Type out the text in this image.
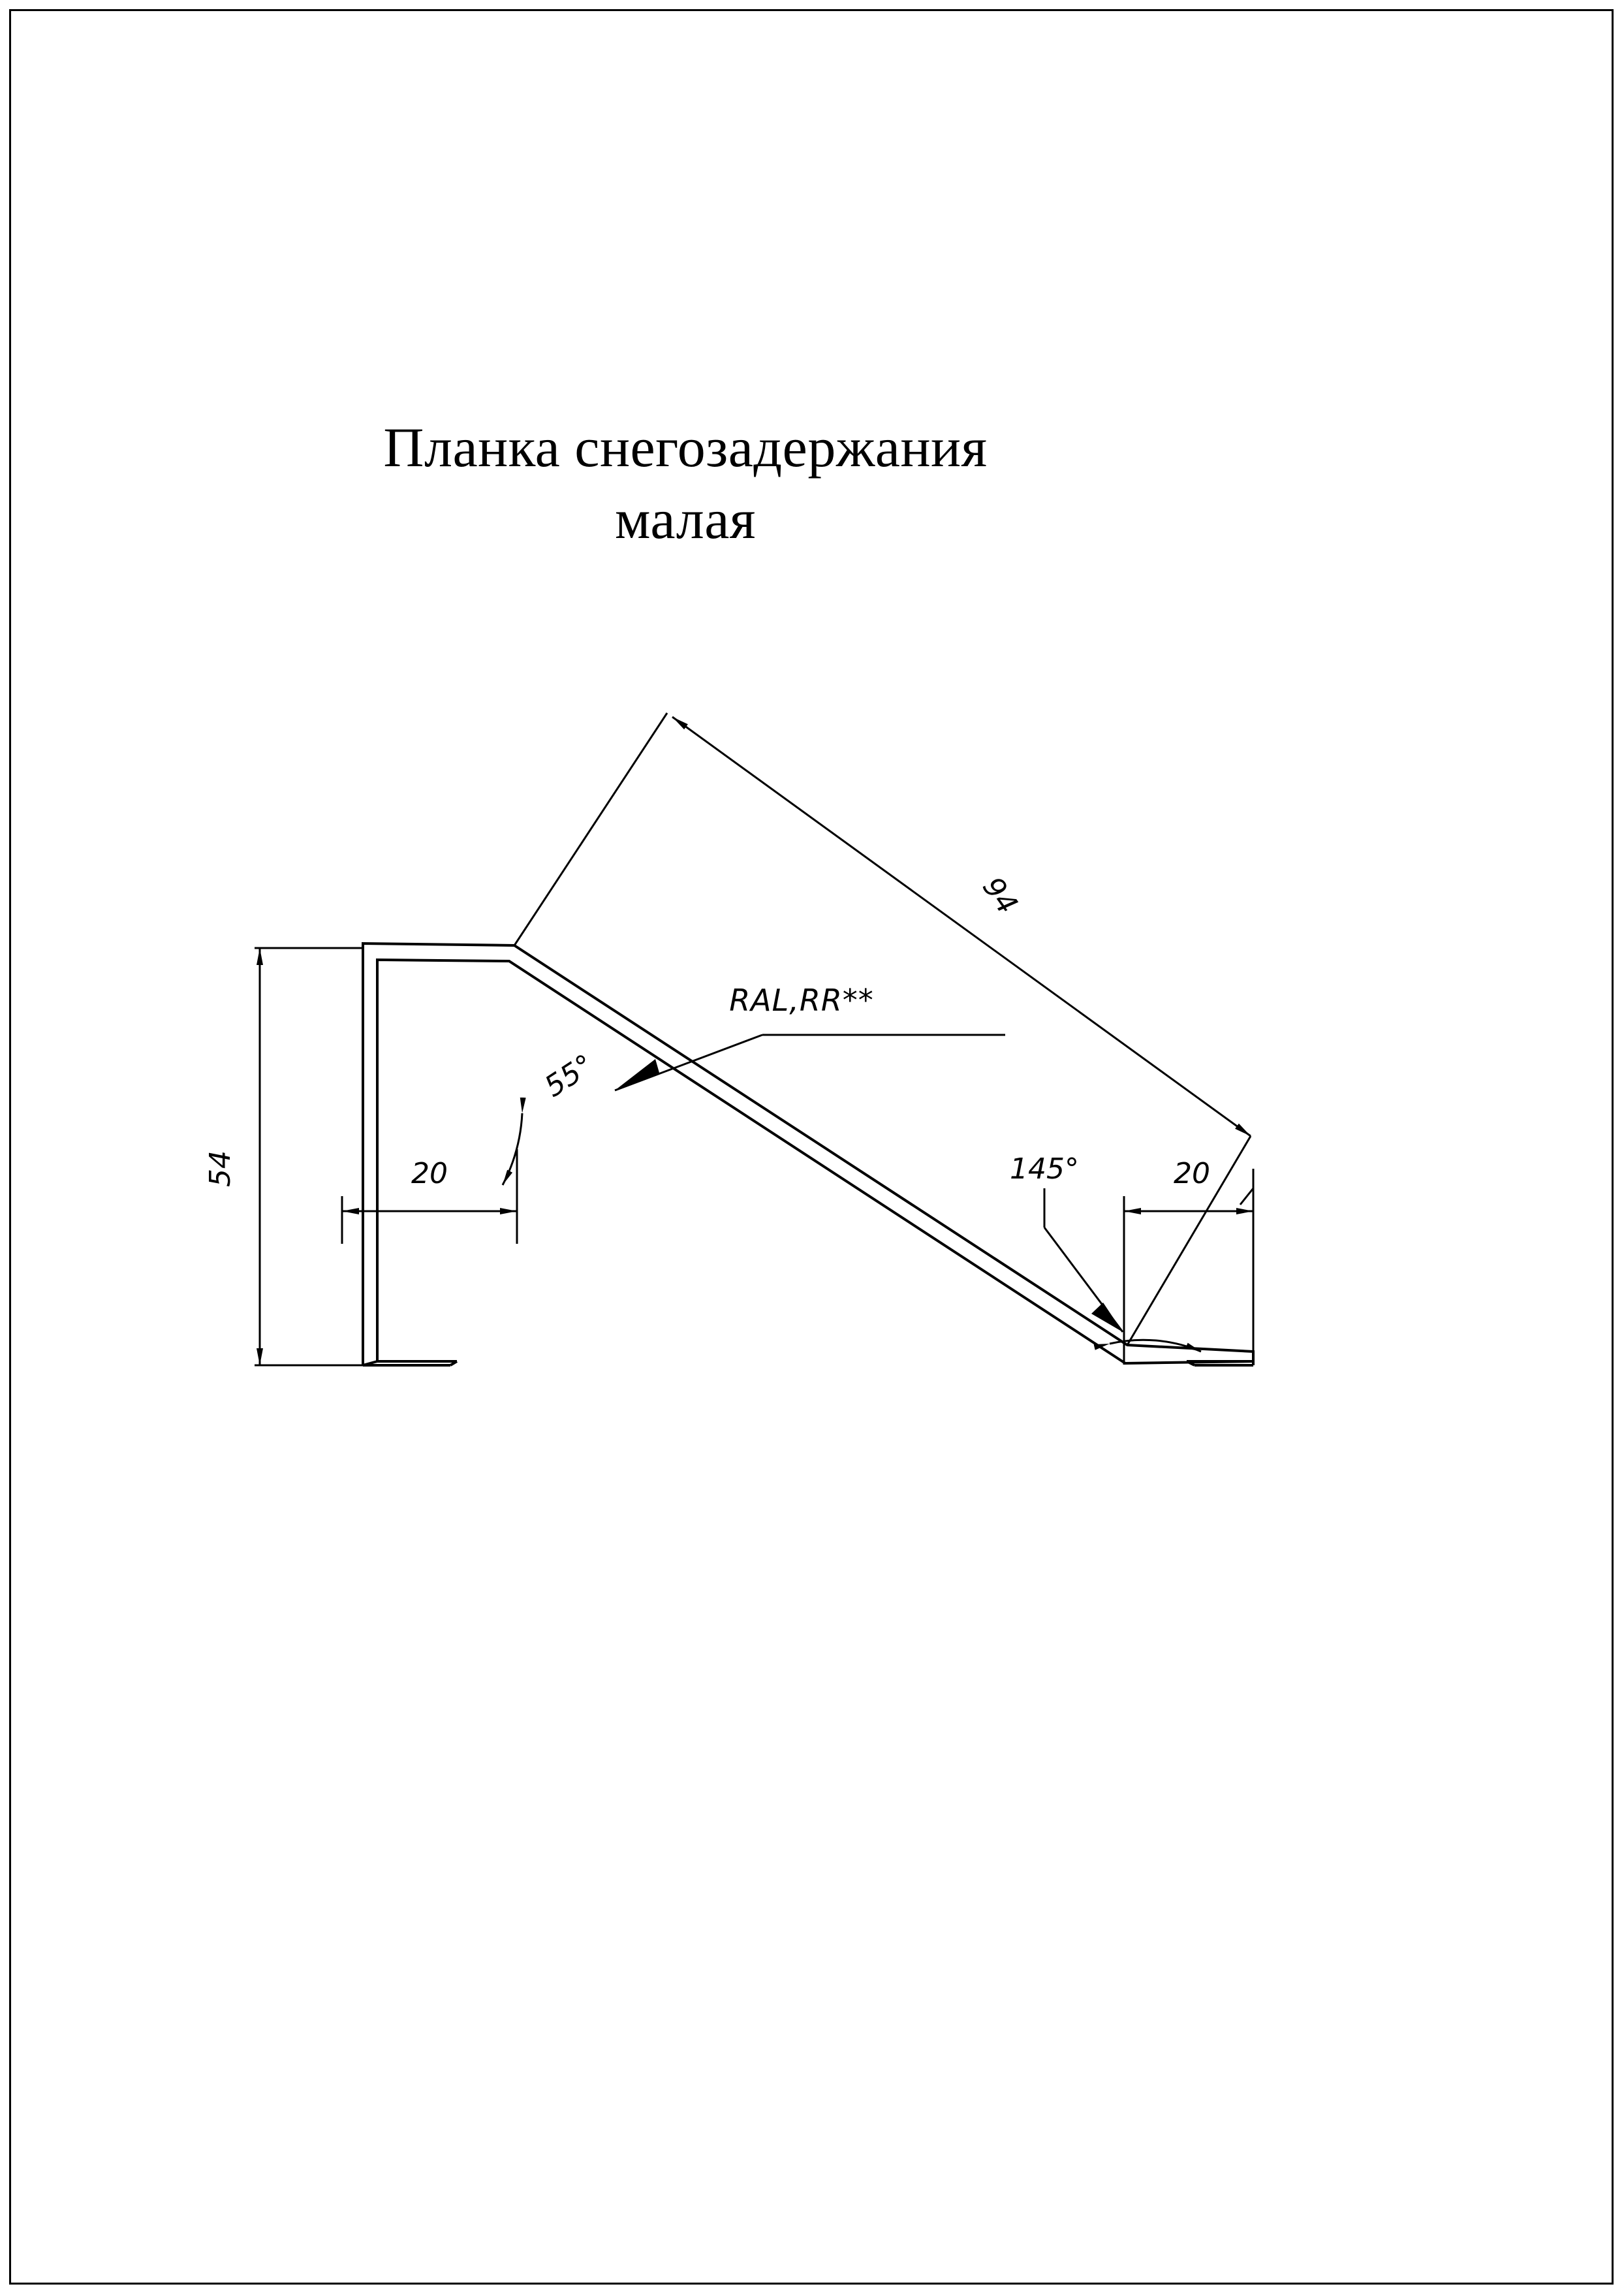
Планка снегозадержания
малая
54	20
55°
94
RAL,RR**
145°	20
